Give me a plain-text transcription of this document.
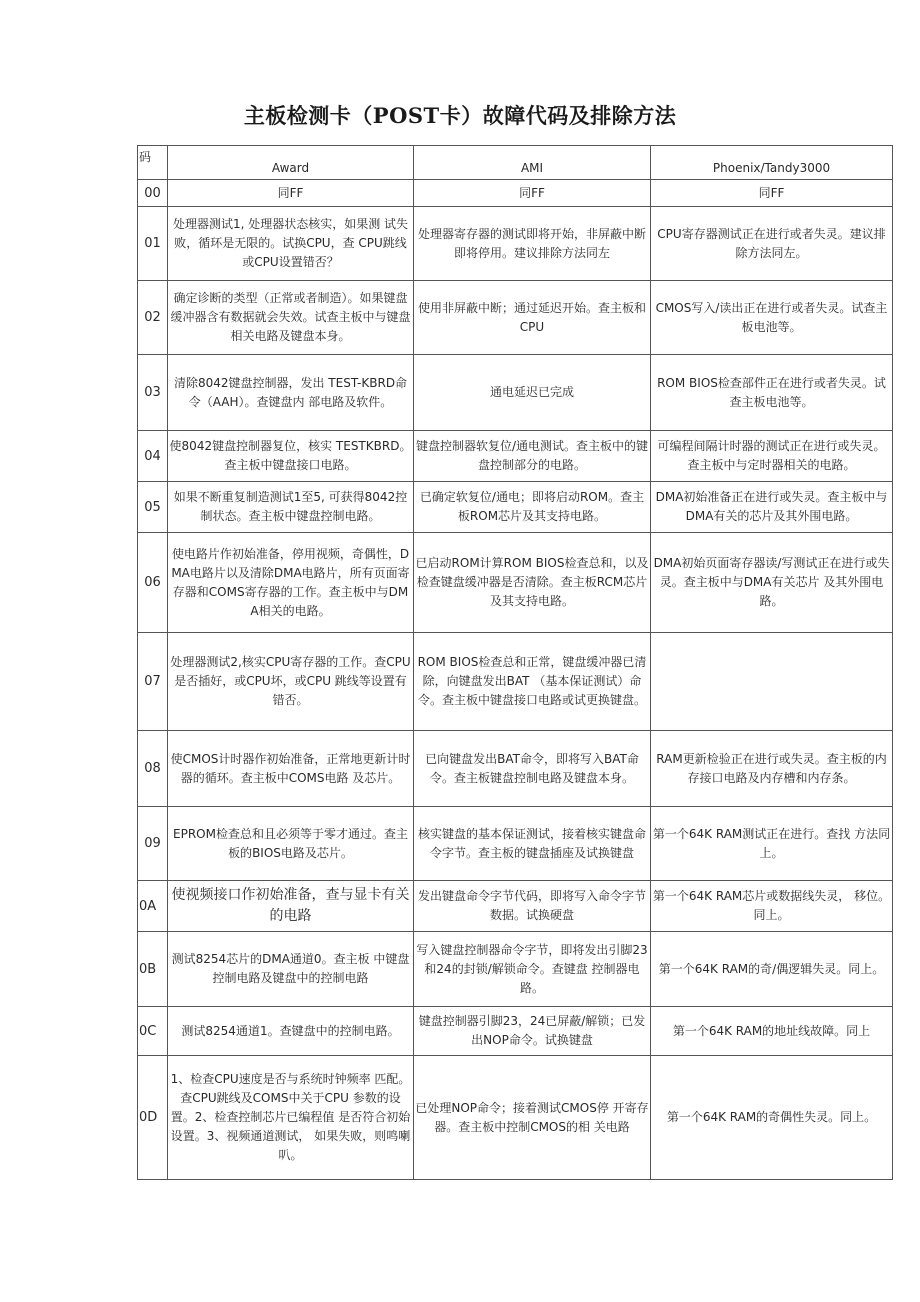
主板检测卡（POST卡）故障代码及排除方法
码	Award	AMI	Phoenix/Tandy3000
00	同FF	同FF	同FF
01	处理器测试1, 处理器状态核实，如果测 试失败，循环是无限的。试换CPU，查 CPU跳线或CPU设置错否？	处理器寄存器的测试即将开始，非屏蔽中断即将停用。建议排除方法同左	CPU寄存器测试正在进行或者失灵。建议排除方法同左。
02	确定诊断的类型（正常或者制造）。如果键盘缓冲器含有数据就会失效。试查主板中与键盘相关电路及键盘本身。	使用非屏蔽中断；通过延迟开始。查主板和CPU	CMOS写入/读出正在进行或者失灵。试查主板电池等。
03	清除8042键盘控制器，发出 TEST-KBRD命令（AAH）。查键盘内 部电路及软件。	通电延迟已完成	ROM BIOS检查部件正在进行或者失灵。试查主板电池等。
04	使8042键盘控制器复位，核实 TESTKBRD。查主板中键盘接口电路。	键盘控制器软复位/通电测试。查主板中的键盘控制部分的电路。	可编程间隔计时器的测试正在进行或失灵。查主板中与定时器相关的电路。
05	如果不断重复制造测试1至5, 可获得8042控制状态。查主板中键盘控制电路。	已确定软复位/通电；即将启动ROM。查主板ROM芯片及其支持电路。	DMA初始准备正在进行或失灵。查主板中与DMA有关的芯片及其外围电路。
06	使电路片作初始准备，停用视频，奇偶性，DMA电路片以及清除DMA电路片，所有页面寄存器和COMS寄存器的工作。查主板中与DMA相关的电路。	已启动ROM计算ROM BIOS检查总和，以及检查键盘缓冲器是否清除。查主板RCM芯片及其支持电路。	DMA初始页面寄存器读/写测试正在进行或失灵。查主板中与DMA有关芯片 及其外围电路。
07	处理器测试2,核实CPU寄存器的工作。查CPU是否插好，或CPU坏，或CPU 跳线等设置有错否。	ROM BIOS检查总和正常，键盘缓冲器已清除，向键盘发出BAT （基本保证测试）命令。查主板中键盘接口电路或试更换键盘。	
08	使CMOS计时器作初始准备，正常地更新计时器的循环。查主板中COMS电路 及芯片。	已向键盘发出BAT命令，即将写入BAT命令。查主板键盘控制电路及键盘本身。	RAM更新检验正在进行或失灵。查主板的内存接口电路及内存槽和内存条。
09	EPROM检查总和且必须等于零才通过。查主板的BIOS电路及芯片。	核实键盘的基本保证测试，接着核实键盘命令字节。查主板的键盘插座及试换键盘	第一个64K RAM测试正在进行。查找 方法同上。
0A	使视频接口作初始准备，查与显卡有关的电路	发出键盘命令字节代码，即将写入命令字节数据。试换硬盘	第一个64K RAM芯片或数据线失灵， 移位。同上。
0B	测试8254芯片的DMA通道0。查主板 中键盘控制电路及键盘中的控制电路	写入键盘控制器命令字节，即将发出引脚23和24的封锁/解锁命令。查键盘 控制器电路。	第一个64K RAM的奇/偶逻辑失灵。同上。
0C	测试8254通道1。查键盘中的控制电路。	键盘控制器引脚23，24已屏蔽/解锁；已发出NOP命令。试换键盘	第一个64K RAM的地址线故障。同上
0D	1、检查CPU速度是否与系统时钟频率 匹配。查CPU跳线及COMS中关于CPU 参数的设置。2、检查控制芯片已编程值 是否符合初始设置。3、视频通道测试， 如果失败，则鸣喇叭。	已处理NOP命令；接着测试CMOS停 开寄存器。查主板中控制CMOS的相 关电路	第一个64K RAM的奇偶性失灵。同上。
